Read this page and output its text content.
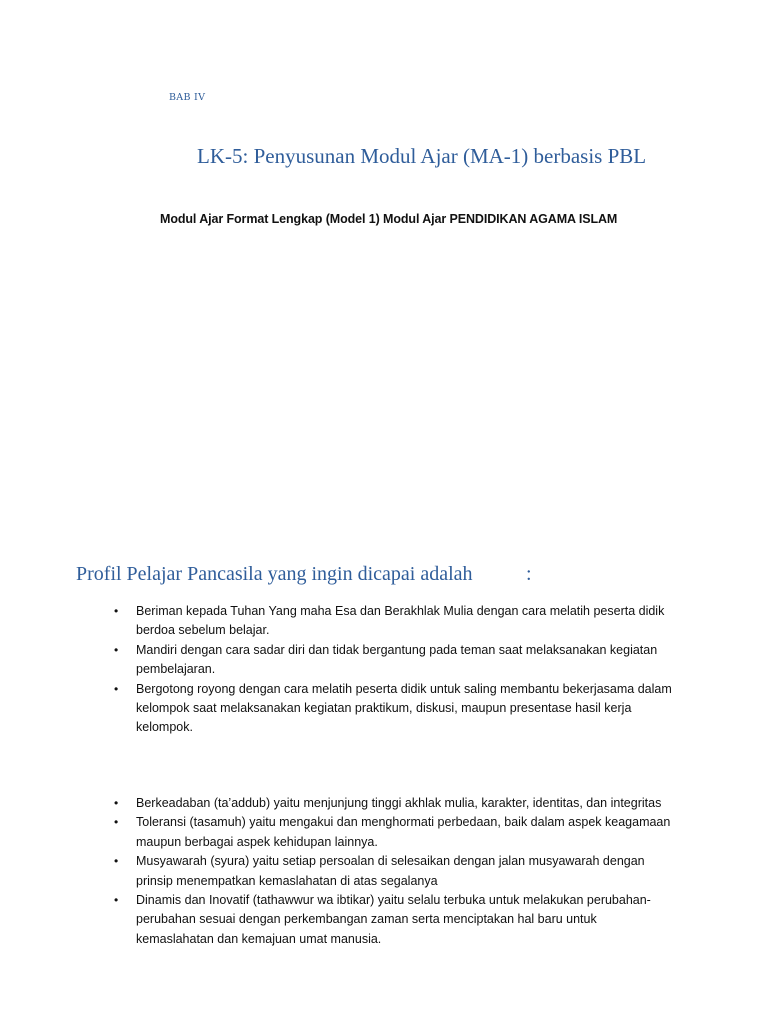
BAB IV
LK-5: Penyusunan Modul Ajar (MA-1) berbasis PBL
Modul Ajar Format Lengkap (Model 1) Modul Ajar PENDIDIKAN AGAMA ISLAM
Profil Pelajar Pancasila yang ingin dicapai adalah	:
• Beriman kepada Tuhan Yang maha Esa dan Berakhlak Mulia dengan cara melatih peserta didik berdoa sebelum belajar.
• Mandiri dengan cara sadar diri dan tidak bergantung pada teman saat melaksanakan kegiatan pembelajaran.
• Bergotong royong dengan cara melatih peserta didik untuk saling membantu bekerjasama dalam kelompok saat melaksanakan kegiatan praktikum, diskusi, maupun presentase hasil kerja kelompok.
• Berkeadaban (ta’addub) yaitu menjunjung tinggi akhlak mulia, karakter, identitas, dan integritas
• Toleransi (tasamuh) yaitu mengakui dan menghormati perbedaan, baik dalam aspek keagamaan maupun berbagai aspek kehidupan lainnya.
• Musyawarah (syura) yaitu setiap persoalan di selesaikan dengan jalan musyawarah dengan prinsip menempatkan kemaslahatan di atas segalanya
• Dinamis dan Inovatif (tathawwur wa ibtikar) yaitu selalu terbuka untuk melakukan perubahan-perubahan sesuai dengan perkembangan zaman serta menciptakan hal baru untuk kemaslahatan dan kemajuan umat manusia.
